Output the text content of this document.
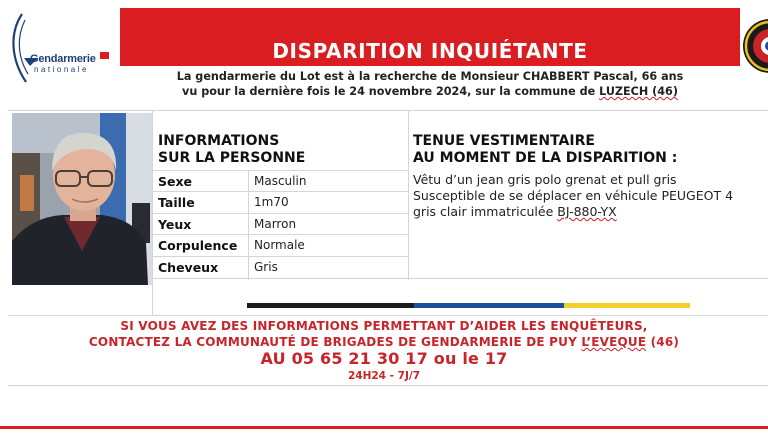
Gendarmerie
nationale
DISPARITION INQUIÉTANTE
La gendarmerie du Lot est à la recherche de Monsieur CHABBERT Pascal, 66 ans
vu pour la dernière fois le 24 novembre 2024, sur la commune de LUZECH (46)
INFORMATIONS
SUR LA PERSONNE
Sexe	Masculin
Taille	1m70
Yeux	Marron
Corpulence	Normale
Cheveux	Gris
TENUE VESTIMENTAIRE
AU MOMENT DE LA DISPARITION :
Vêtu d’un jean gris polo grenat et pull gris
Susceptible de se déplacer en véhicule PEUGEOT 4
gris clair immatriculée BJ-880-YX
SI VOUS AVEZ DES INFORMATIONS PERMETTANT D’AIDER LES ENQUÊTEURS,
CONTACTEZ LA COMMUNAUTÉ DE BRIGADES DE GENDARMERIE DE PUY L’EVEQUE (46)
AU 05 65 21 30 17 ou le 17
24H24 - 7J/7
